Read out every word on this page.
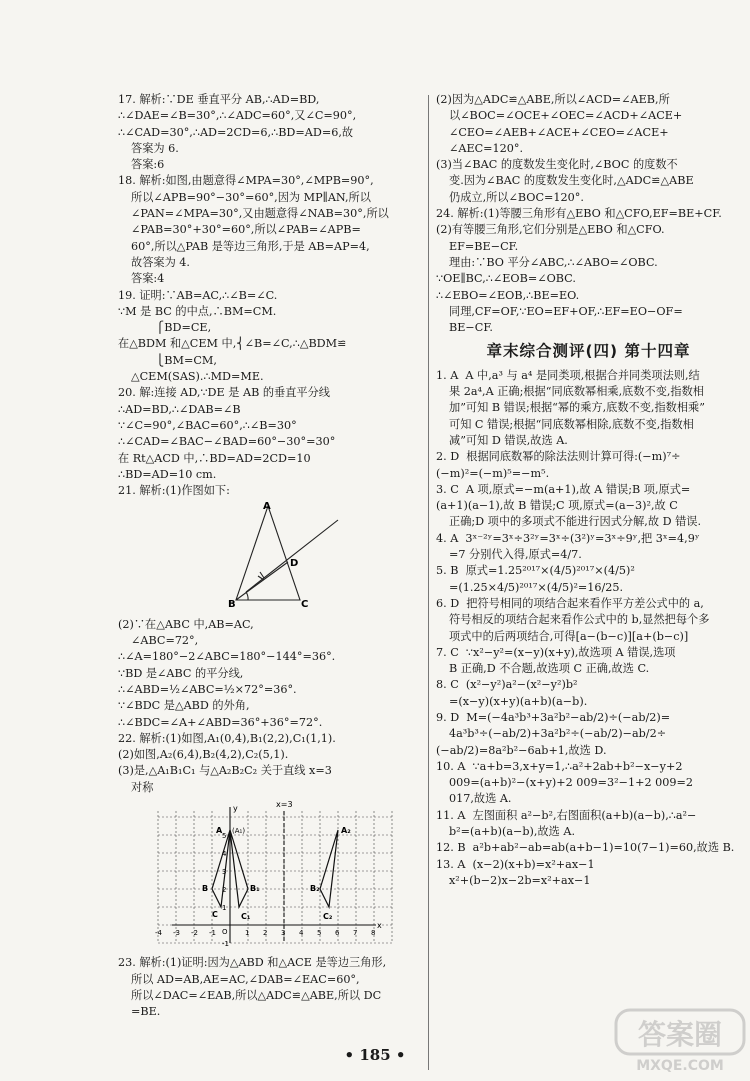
17. 解析:∵DE 垂直平分 AB,∴AD=BD,
∴∠DAE=∠B=30°,∴∠ADC=60°,又∠C=90°,
∴∠CAD=30°,∴AD=2CD=6,∴BD=AD=6,故
答案为 6.
答案:6
18. 解析:如图,由题意得∠MPA=30°,∠MPB=90°,
所以∠APB=90°−30°=60°,因为 MP∥AN,所以
∠PAN=∠MPA=30°,又由题意得∠NAB=30°,所以
∠PAB=30°+30°=60°,所以∠PAB=∠APB=
60°,所以△PAB 是等边三角形,于是 AB=AP=4,
故答案为 4.
答案:4
19. 证明:∵AB=AC,∴∠B=∠C.
∵M 是 BC 的中点,∴BM=CM.
⎧BD=CE,
在△BDM 和△CEM 中,⎨∠B=∠C,∴△BDM≌
⎩BM=CM,
△CEM(SAS).∴MD=ME.
20. 解:连接 AD,∵DE 是 AB 的垂直平分线
∴AD=BD,∴∠DAB=∠B
∵∠C=90°,∠BAC=60°,∴∠B=30°
∴∠CAD=∠BAC−∠BAD=60°−30°=30°
在 Rt△ACD 中,∴BD=AD=2CD=10
∴BD=AD=10 cm.
21. 解析:(1)作图如下:
A
B	C
D
(2)∵在△ABC 中,AB=AC,
∠ABC=72°,
∴∠A=180°−2∠ABC=180°−144°=36°.
∵BD 是∠ABC 的平分线,
∴∠ABD=½∠ABC=½×72°=36°.
∵∠BDC 是△ABD 的外角,
∴∠BDC=∠A+∠ABD=36°+36°=72°.
22. 解析:(1)如图,A₁(0,4),B₁(2,2),C₁(1,1).
(2)如图,A₂(6,4),B₂(4,2),C₂(5,1).
(3)是,△A₁B₁C₁ 与△A₂B₂C₂ 关于直线 x=3
对称
x=3
y
x
A (A₁)	A₂
B	B₁	B₂
C	C₁	C₂
O
-4 -3 -2 -1	1 2 3 4 5 6 7 8
5
4
3
2
1
-1
23. 解析:(1)证明:因为△ABD 和△ACE 是等边三角形,
所以 AD=AB,AE=AC,∠DAB=∠EAC=60°,
所以∠DAC=∠EAB,所以△ADC≌△ABE,所以 DC
=BE.
(2)因为△ADC≌△ABE,所以∠ACD=∠AEB,所
以∠BOC=∠OCE+∠OEC=∠ACD+∠ACE+
∠CEO=∠AEB+∠ACE+∠CEO=∠ACE+
∠AEC=120°.
(3)当∠BAC 的度数发生变化时,∠BOC 的度数不
变.因为∠BAC 的度数发生变化时,△ADC≌△ABE
仍成立,所以∠BOC=120°.
24. 解析:(1)等腰三角形有△EBO 和△CFO,EF=BE+CF.
(2)有等腰三角形,它们分别是△EBO 和△CFO.
EF=BE−CF.
理由:∵BO 平分∠ABC,∴∠ABO=∠OBC.
∵OE∥BC,∴∠EOB=∠OBC.
∴∠EBO=∠EOB,∴BE=EO.
同理,CF=OF,∵EO=EF+OF,∴EF=EO−OF=
BE−CF.
章末综合测评(四) 第十四章
1. A  A 中,a³ 与 a⁴ 是同类项,根据合并同类项法则,结
果 2a⁴,A 正确;根据“同底数幂相乘,底数不变,指数相
加”可知 B 错误;根据“幂的乘方,底数不变,指数相乘”
可知 C 错误;根据“同底数幂相除,底数不变,指数相
减”可知 D 错误,故选 A.
2. D  根据同底数幂的除法法则计算可得:(−m)⁷÷
(−m)²=(−m)⁵=−m⁵.
3. C  A 项,原式=−m(a+1),故 A 错误;B 项,原式=
(a+1)(a−1),故 B 错误;C 项,原式=(a−3)²,故 C
正确;D 项中的多项式不能进行因式分解,故 D 错误.
4. A  3ˣ⁻²ʸ=3ˣ÷3²ʸ=3ˣ÷(3²)ʸ=3ˣ÷9ʸ,把 3ˣ=4,9ʸ
=7 分别代入得,原式=4/7.
5. B  原式=1.25²⁰¹⁷×(4/5)²⁰¹⁷×(4/5)²
=(1.25×4/5)²⁰¹⁷×(4/5)²=16/25.
6. D  把符号相同的项结合起来看作平方差公式中的 a,
符号相反的项结合起来看作公式中的 b,显然把每个多
项式中的后两项结合,可得[a−(b−c)][a+(b−c)]
7. C  ∵x²−y²=(x−y)(x+y),故选项 A 错误,选项
B 正确,D 不合题,故选项 C 正确,故选 C.
8. C  (x²−y²)a²−(x²−y²)b²
=(x−y)(x+y)(a+b)(a−b).
9. D  M=(−4a³b³+3a²b²−ab/2)÷(−ab/2)=
4a³b³÷(−ab/2)+3a²b²÷(−ab/2)−ab/2÷
(−ab/2)=8a²b²−6ab+1,故选 D.
10. A  ∵a+b=3,x+y=1,∴a²+2ab+b²−x−y+2
009=(a+b)²−(x+y)+2 009=3²−1+2 009=2
017,故选 A.
11. A  左图面积 a²−b²,右图面积(a+b)(a−b),∴a²−
b²=(a+b)(a−b),故选 A.
12. B  a²b+ab²−ab=ab(a+b−1)=10(7−1)=60,故选 B.
13. A  (x−2)(x+b)=x²+ax−1
x²+(b−2)x−2b=x²+ax−1
• 185 •
答案圈
MXQE.COM
